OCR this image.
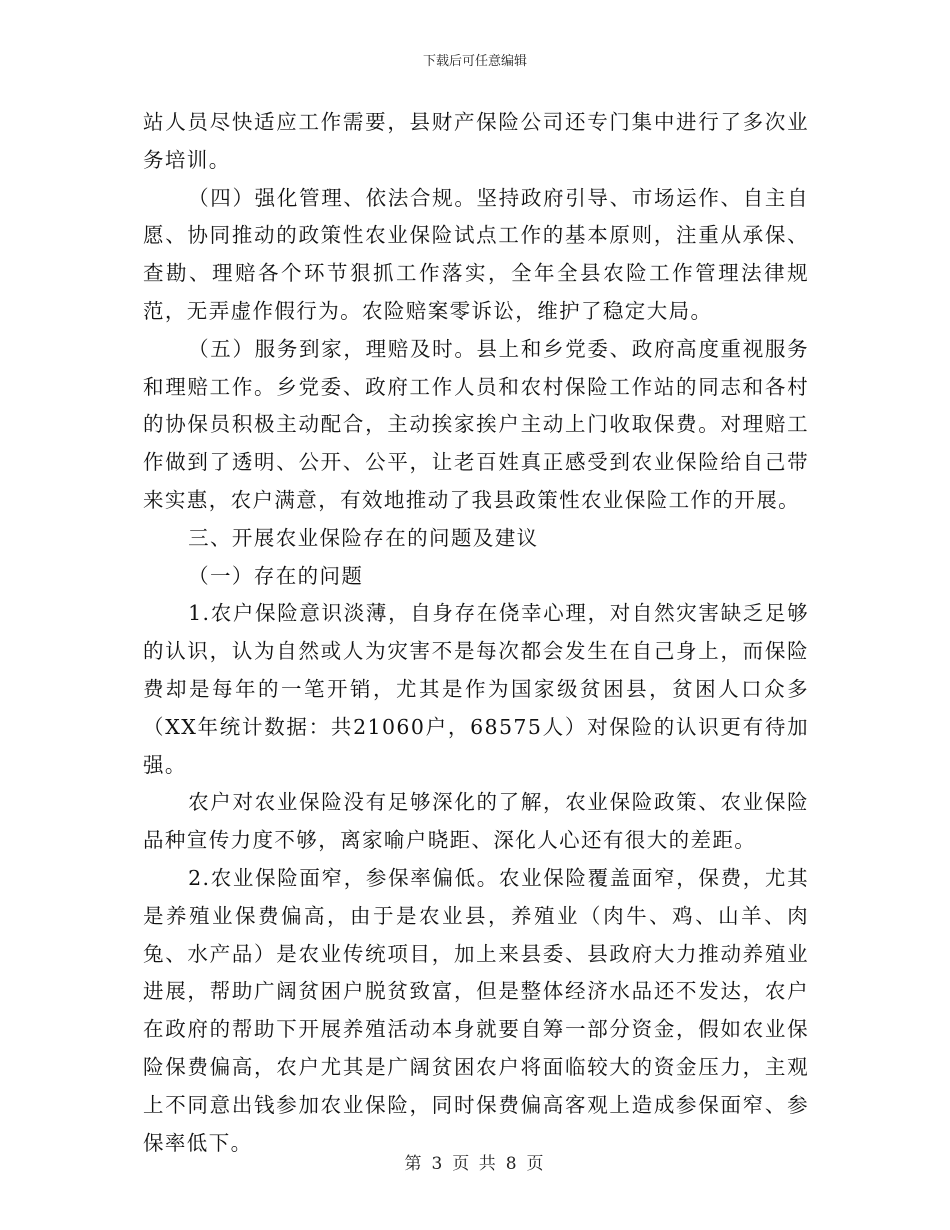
下载后可任意编辑

站人员尽快适应工作需要，县财产保险公司还专门集中进行了多次业务培训。

（四）强化管理、依法合规。坚持政府引导、市场运作、自主自愿、协同推动的政策性农业保险试点工作的基本原则，注重从承保、查勘、理赔各个环节狠抓工作落实，全年全县农险工作管理法律规范，无弄虚作假行为。农险赔案零诉讼，维护了稳定大局。

（五）服务到家，理赔及时。县上和乡党委、政府高度重视服务和理赔工作。乡党委、政府工作人员和农村保险工作站的同志和各村的协保员积极主动配合，主动挨家挨户主动上门收取保费。对理赔工作做到了透明、公开、公平，让老百姓真正感受到农业保险给自己带来实惠，农户满意，有效地推动了我县政策性农业保险工作的开展。

三、开展农业保险存在的问题及建议

（一）存在的问题

1.农户保险意识淡薄，自身存在侥幸心理，对自然灾害缺乏足够的认识，认为自然或人为灾害不是每次都会发生在自己身上，而保险费却是每年的一笔开销，尤其是作为国家级贫困县，贫困人口众多（XX年统计数据：共21060户，68575人）对保险的认识更有待加强。

农户对农业保险没有足够深化的了解，农业保险政策、农业保险品种宣传力度不够，离家喻户晓距、深化人心还有很大的差距。

2.农业保险面窄，参保率偏低。农业保险覆盖面窄，保费，尤其是养殖业保费偏高，由于是农业县，养殖业（肉牛、鸡、山羊、肉兔、水产品）是农业传统项目，加上来县委、县政府大力推动养殖业进展，帮助广阔贫困户脱贫致富，但是整体经济水品还不发达，农户在政府的帮助下开展养殖活动本身就要自筹一部分资金，假如农业保险保费偏高，农户尤其是广阔贫困农户将面临较大的资金压力，主观上不同意出钱参加农业保险，同时保费偏高客观上造成参保面窄、参保率低下。

第 3 页 共 8 页
